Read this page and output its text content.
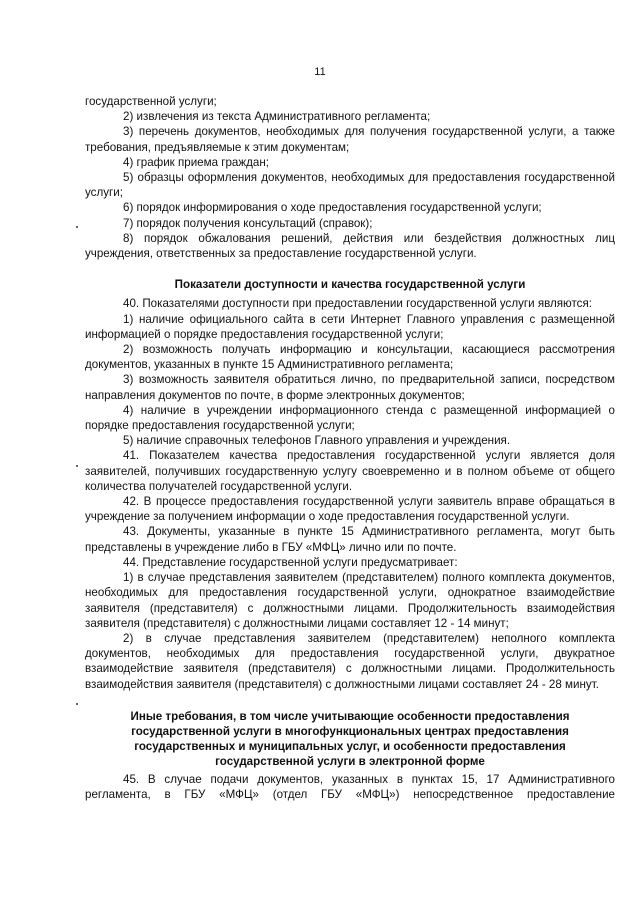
11

государственной услуги;

2) извлечения из текста Административного регламента;

3) перечень документов, необходимых для получения государственной услуги, а также требования, предъявляемые к этим документам;

4) график приема граждан;

5) образцы оформления документов, необходимых для предоставления государственной услуги;

6) порядок информирования о ходе предоставления государственной услуги;

7) порядок получения консультаций (справок);

8) порядок обжалования решений, действия или бездействия должностных лиц учреждения, ответственных за предоставление государственной услуги.

Показатели доступности и качества государственной услуги

40. Показателями доступности при предоставлении государственной услуги являются:

1) наличие официального сайта в сети Интернет Главного управления с размещенной информацией о порядке предоставления государственной услуги;

2) возможность получать информацию и консультации, касающиеся рассмотрения документов, указанных в пункте 15 Административного регламента;

3) возможность заявителя обратиться лично, по предварительной записи, посредством направления документов по почте, в форме электронных документов;

4) наличие в учреждении информационного стенда с размещенной информацией о порядке предоставления государственной услуги;

5) наличие справочных телефонов Главного управления и учреждения.

41. Показателем качества предоставления государственной услуги является доля заявителей, получивших государственную услугу своевременно и в полном объеме от общего количества получателей государственной услуги.

42. В процессе предоставления государственной услуги заявитель вправе обращаться в учреждение за получением информации о ходе предоставления государственной услуги.

43. Документы, указанные в пункте 15 Административного регламента, могут быть представлены в учреждение либо в ГБУ «МФЦ» лично или по почте.

44. Представление государственной услуги предусматривает:

1) в случае представления заявителем (представителем) полного комплекта документов, необходимых для предоставления государственной услуги, однократное взаимодействие заявителя (представителя) с должностными лицами. Продолжительность взаимодействия заявителя (представителя) с должностными лицами составляет 12 - 14 минут;

2) в случае представления заявителем (представителем) неполного комплекта документов, необходимых для предоставления государственной услуги, двукратное взаимодействие заявителя (представителя) с должностными лицами. Продолжительность взаимодействия заявителя (представителя) с должностными лицами составляет 24 - 28 минут.

Иные требования, в том числе учитывающие особенности предоставления государственной услуги в многофункциональных центрах предоставления государственных и муниципальных услуг, и особенности предоставления государственной услуги в электронной форме

45. В случае подачи документов, указанных в пунктах 15, 17 Административного регламента, в ГБУ «МФЦ» (отдел ГБУ «МФЦ») непосредственное предоставление
